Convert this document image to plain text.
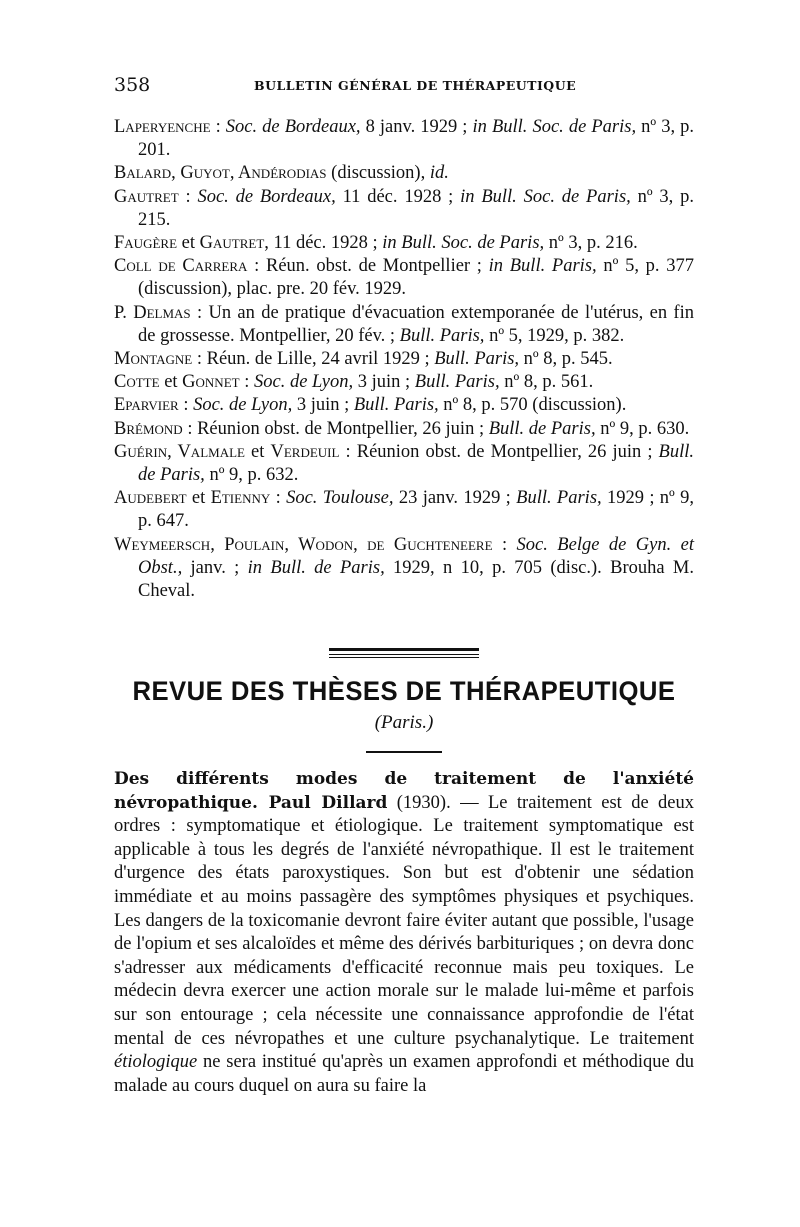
358	BULLETIN GÉNÉRAL DE THÉRAPEUTIQUE

Laperyenche : Soc. de Bordeaux, 8 janv. 1929 ; in Bull. Soc. de Paris, nº 3, p. 201.

Balard, Guyot, Andérodias (discussion), id.

Gautret : Soc. de Bordeaux, 11 déc. 1928 ; in Bull. Soc. de Paris, nº 3, p. 215.

Faugère et Gautret, 11 déc. 1928 ; in Bull. Soc. de Paris, nº 3, p. 216.

Coll de Carrera : Réun. obst. de Montpellier ; in Bull. Paris, nº 5, p. 377 (discussion), plac. pre. 20 fév. 1929.

P. Delmas : Un an de pratique d'évacuation extemporanée de l'utérus, en fin de grossesse. Montpellier, 20 fév. ; Bull. Paris, nº 5, 1929, p. 382.

Montagne : Réun. de Lille, 24 avril 1929 ; Bull. Paris, nº 8, p. 545.

Cotte et Gonnet : Soc. de Lyon, 3 juin ; Bull. Paris, nº 8, p. 561.

Eparvier : Soc. de Lyon, 3 juin ; Bull. Paris, nº 8, p. 570 (discussion).

Brémond : Réunion obst. de Montpellier, 26 juin ; Bull. de Paris, nº 9, p. 630.

Guérin, Valmale et Verdeuil : Réunion obst. de Montpellier, 26 juin ; Bull. de Paris, nº 9, p. 632.

Audebert et Etienny : Soc. Toulouse, 23 janv. 1929 ; Bull. Paris, 1929 ; nº 9, p. 647.

Weymeersch, Poulain, Wodon, de Guchteneere : Soc. Belge de Gyn. et Obst., janv. ; in Bull. de Paris, 1929, n 10, p. 705 (disc.). Brouha M. Cheval.

REVUE DES THÈSES DE THÉRAPEUTIQUE
(Paris.)

Des différents modes de traitement de l'anxiété névropathique. Paul Dillard (1930). — Le traitement est de deux ordres : symptomatique et étiologique. Le traitement symptomatique est applicable à tous les degrés de l'anxiété névropathique. Il est le traitement d'urgence des états paroxystiques. Son but est d'obtenir une sédation immédiate et au moins passagère des symptômes physiques et psychiques. Les dangers de la toxicomanie devront faire éviter autant que possible, l'usage de l'opium et ses alcaloïdes et même des dérivés barbituriques ; on devra donc s'adresser aux médicaments d'efficacité reconnue mais peu toxiques. Le médecin devra exercer une action morale sur le malade lui-même et parfois sur son entourage ; cela nécessite une connaissance approfondie de l'état mental de ces névropathes et une culture psychanalytique. Le traitement étiologique ne sera institué qu'après un examen approfondi et méthodique du malade au cours duquel on aura su faire la
